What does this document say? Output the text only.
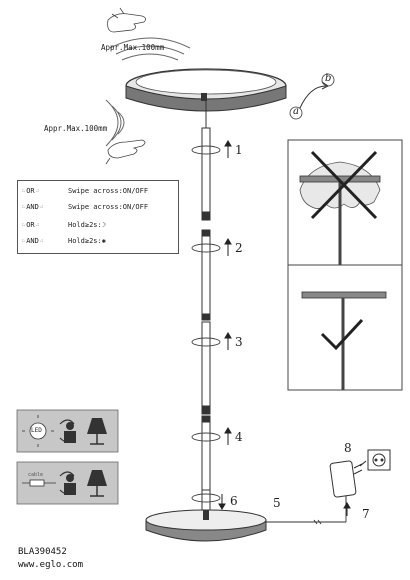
Appr.Max.100mm
Appr.Max.100mm
a
b
☞OR☜	Swipe across:ON/OFF
☞AND☜	Swipe across:ON/OFF
☞OR☜	Hold≥2s: ☽
☞AND☜	Hold≥2s: ✺
1
2
3
4
5
6
7
8
LED
cable
BLA390452
www.eglo.com
